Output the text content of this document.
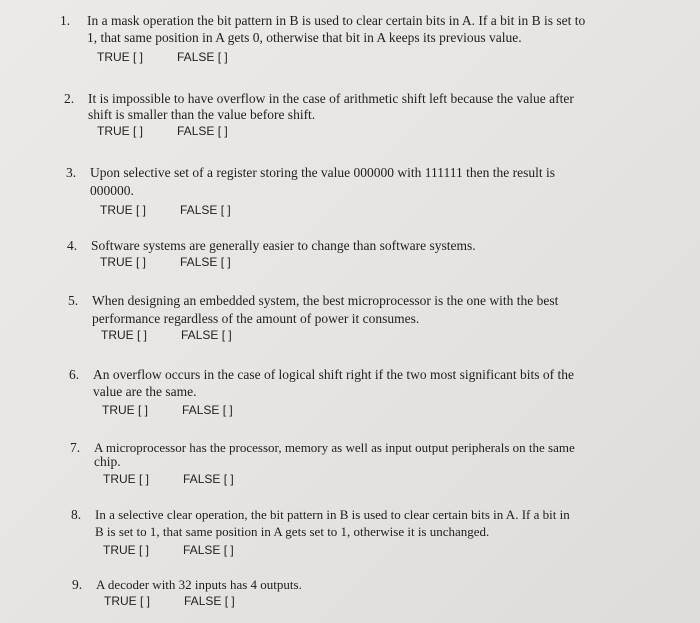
1. In a mask operation the bit pattern in B is used to clear certain bits in A. If a bit in B is set to
1, that same position in A gets 0, otherwise that bit in A keeps its previous value.
TRUE [ ]	FALSE [ ]
2. It is impossible to have overflow in the case of arithmetic shift left because the value after
shift is smaller than the value before shift.
TRUE [ ]	FALSE [ ]
3. Upon selective set of a register storing the value 000000 with 111111 then the result is
000000.
TRUE [ ]	FALSE [ ]
4. Software systems are generally easier to change than software systems.
TRUE [ ]	FALSE [ ]
5. When designing an embedded system, the best microprocessor is the one with the best
performance regardless of the amount of power it consumes.
TRUE [ ]	FALSE [ ]
6. An overflow occurs in the case of logical shift right if the two most significant bits of the
value are the same.
TRUE [ ]	FALSE [ ]
7. A microprocessor has the processor, memory as well as input output peripherals on the same
chip.
TRUE [ ]	FALSE [ ]
8. In a selective clear operation, the bit pattern in B is used to clear certain bits in A. If a bit in
B is set to 1, that same position in A gets set to 1, otherwise it is unchanged.
TRUE [ ]	FALSE [ ]
9. A decoder with 32 inputs has 4 outputs.
TRUE [ ]	FALSE [ ]
